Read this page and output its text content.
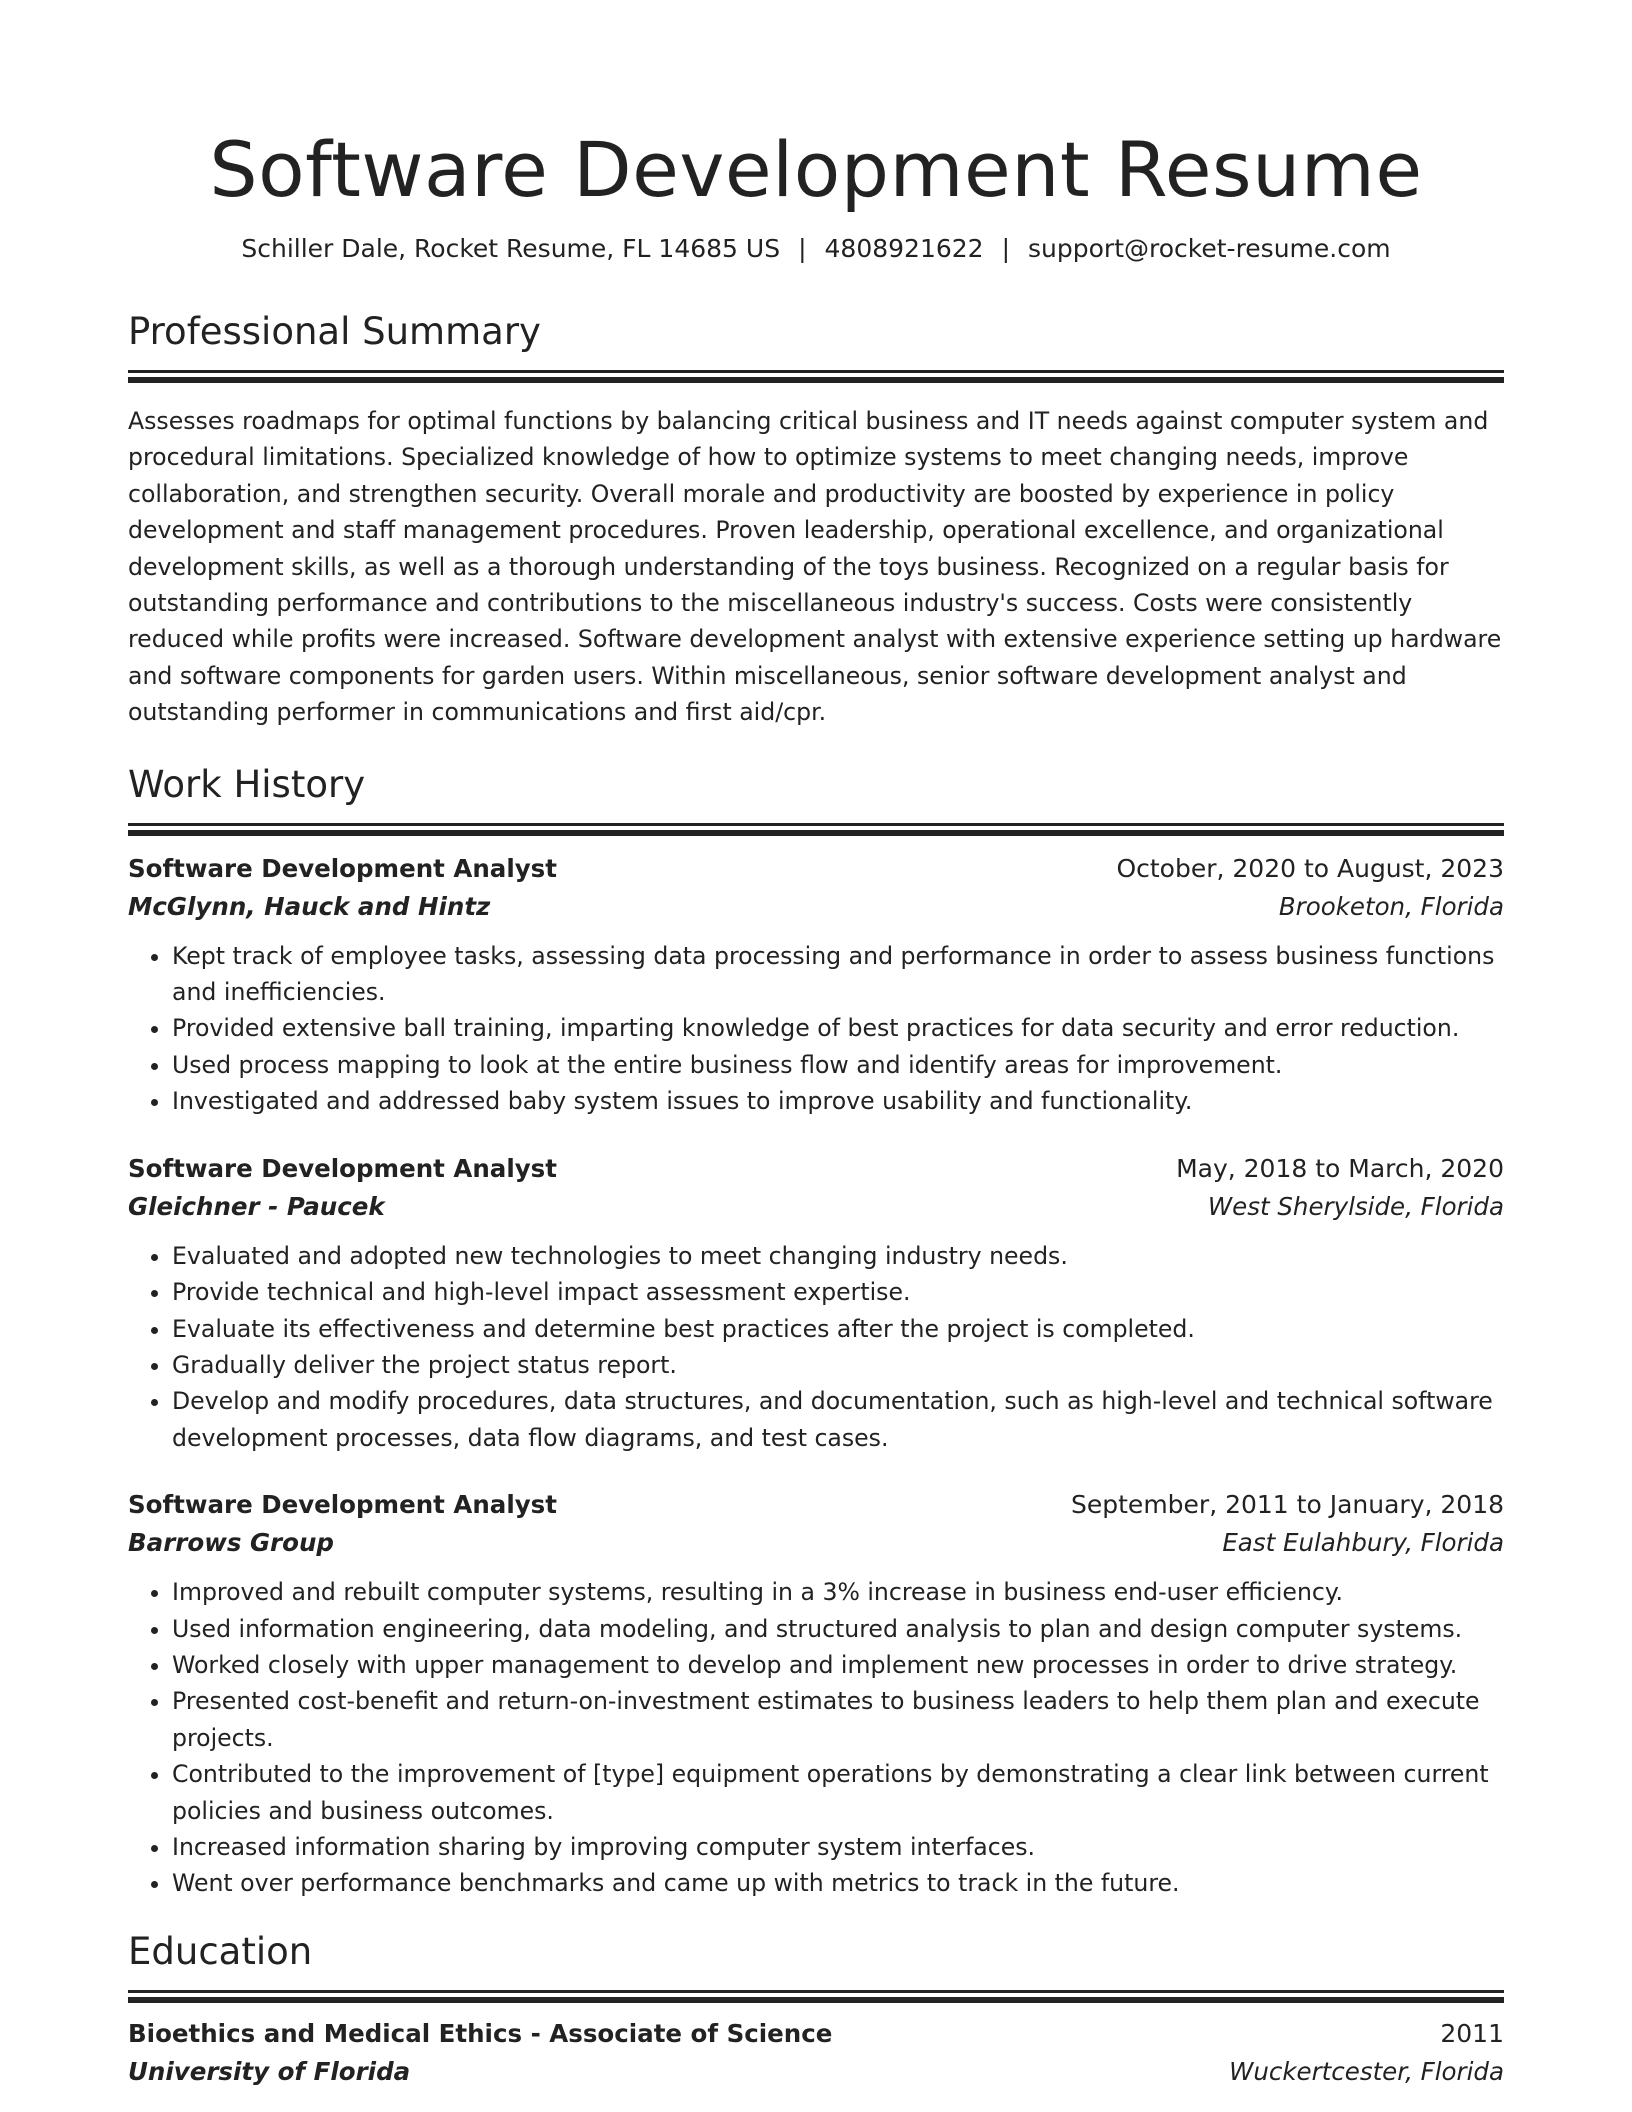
Software Development Resume
Schiller Dale, Rocket Resume, FL 14685 US | 4808921622 | support@rocket-resume.com
Professional Summary
Assesses roadmaps for optimal functions by balancing critical business and IT needs against computer system and procedural limitations. Specialized knowledge of how to optimize systems to meet changing needs, improve collaboration, and strengthen security. Overall morale and productivity are boosted by experience in policy development and staff management procedures. Proven leadership, operational excellence, and organizational development skills, as well as a thorough understanding of the toys business. Recognized on a regular basis for outstanding performance and contributions to the miscellaneous industry's success. Costs were consistently reduced while profits were increased. Software development analyst with extensive experience setting up hardware and software components for garden users. Within miscellaneous, senior software development analyst and outstanding performer in communications and first aid/cpr.
Work History
Software Development Analyst	October, 2020 to August, 2023
McGlynn, Hauck and Hintz	Brooketon, Florida
• Kept track of employee tasks, assessing data processing and performance in order to assess business functions and inefficiencies.
• Provided extensive ball training, imparting knowledge of best practices for data security and error reduction.
• Used process mapping to look at the entire business flow and identify areas for improvement.
• Investigated and addressed baby system issues to improve usability and functionality.
Software Development Analyst	May, 2018 to March, 2020
Gleichner - Paucek	West Sherylside, Florida
• Evaluated and adopted new technologies to meet changing industry needs.
• Provide technical and high-level impact assessment expertise.
• Evaluate its effectiveness and determine best practices after the project is completed.
• Gradually deliver the project status report.
• Develop and modify procedures, data structures, and documentation, such as high-level and technical software development processes, data flow diagrams, and test cases.
Software Development Analyst	September, 2011 to January, 2018
Barrows Group	East Eulahbury, Florida
• Improved and rebuilt computer systems, resulting in a 3% increase in business end-user efficiency.
• Used information engineering, data modeling, and structured analysis to plan and design computer systems.
• Worked closely with upper management to develop and implement new processes in order to drive strategy.
• Presented cost-benefit and return-on-investment estimates to business leaders to help them plan and execute projects.
• Contributed to the improvement of [type] equipment operations by demonstrating a clear link between current policies and business outcomes.
• Increased information sharing by improving computer system interfaces.
• Went over performance benchmarks and came up with metrics to track in the future.
Education
Bioethics and Medical Ethics - Associate of Science	2011
University of Florida	Wuckertcester, Florida
